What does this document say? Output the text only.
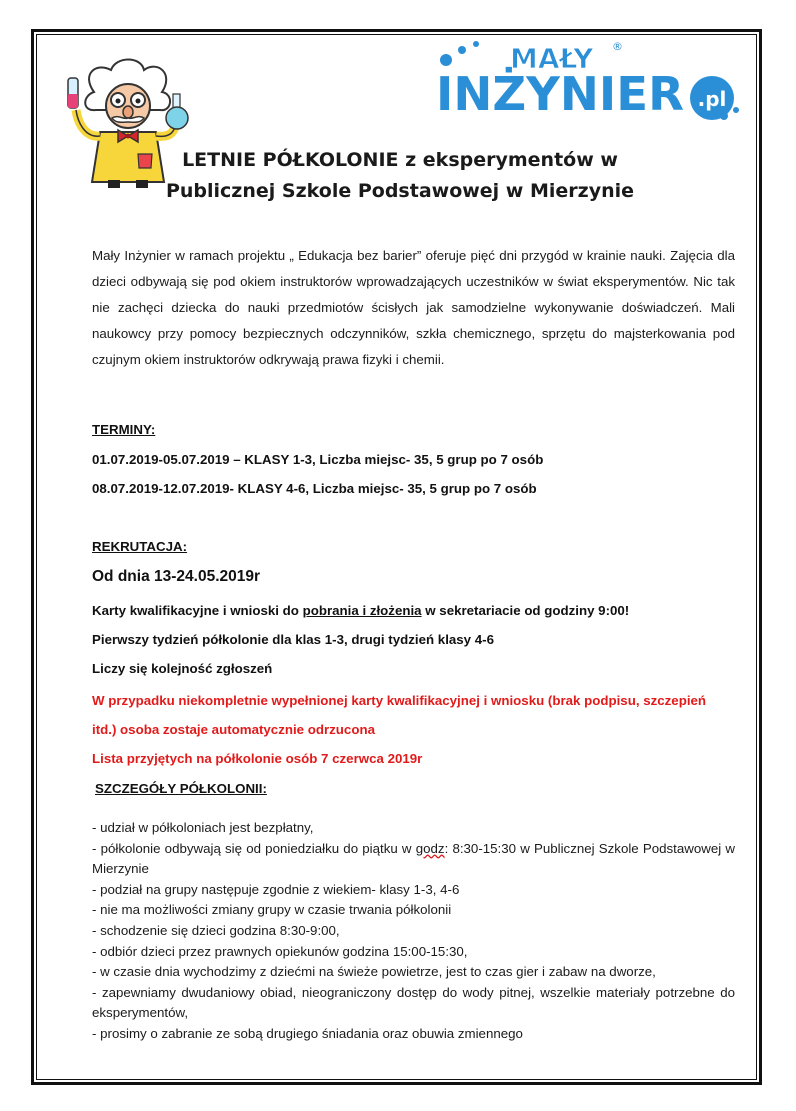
MAŁY ®
INŻYNIER .pl
LETNIE PÓŁKOLONIE z eksperymentów w
Publicznej Szkole Podstawowej w Mierzynie
Mały Inżynier w ramach projektu „ Edukacja bez barier” oferuje pięć dni przygód w krainie nauki. Zajęcia dla dzieci odbywają się pod okiem instruktorów wprowadzających uczestników w świat eksperymentów. Nic tak nie zachęci dziecka do nauki przedmiotów ścisłych jak samodzielne wykonywanie doświadczeń. Mali naukowcy przy pomocy bezpiecznych odczynników, szkła chemicznego, sprzętu do majsterkowania pod czujnym okiem instruktorów odkrywają prawa fizyki i chemii.
TERMINY:
01.07.2019-05.07.2019 – KLASY 1-3, Liczba miejsc- 35, 5 grup po 7 osób
08.07.2019-12.07.2019- KLASY 4-6, Liczba miejsc- 35, 5 grup po 7 osób
REKRUTACJA:
Od dnia 13-24.05.2019r
Karty kwalifikacyjne i wnioski do pobrania i złożenia w sekretariacie od godziny 9:00!
Pierwszy tydzień półkolonie dla klas 1-3, drugi tydzień klasy 4-6
Liczy się kolejność zgłoszeń
W przypadku niekompletnie wypełnionej karty kwalifikacyjnej i wniosku (brak podpisu, szczepień
itd.) osoba zostaje automatycznie odrzucona
Lista przyjętych na półkolonie osób 7 czerwca 2019r
SZCZEGÓŁY PÓŁKOLONII:
- udział w półkoloniach jest bezpłatny,
- półkolonie odbywają się od poniedziałku do piątku w godz: 8:30-15:30 w Publicznej Szkole Podstawowej w Mierzynie
- podział na grupy następuje zgodnie z wiekiem- klasy 1-3, 4-6
- nie ma możliwości zmiany grupy w czasie trwania półkolonii
- schodzenie się dzieci godzina 8:30-9:00,
- odbiór dzieci przez prawnych opiekunów godzina 15:00-15:30,
- w czasie dnia wychodzimy z dziećmi na świeże powietrze, jest to czas gier i zabaw na dworze,
- zapewniamy dwudaniowy obiad, nieograniczony dostęp do wody pitnej, wszelkie materiały potrzebne do eksperymentów,
- prosimy o zabranie ze sobą drugiego śniadania oraz obuwia zmiennego
